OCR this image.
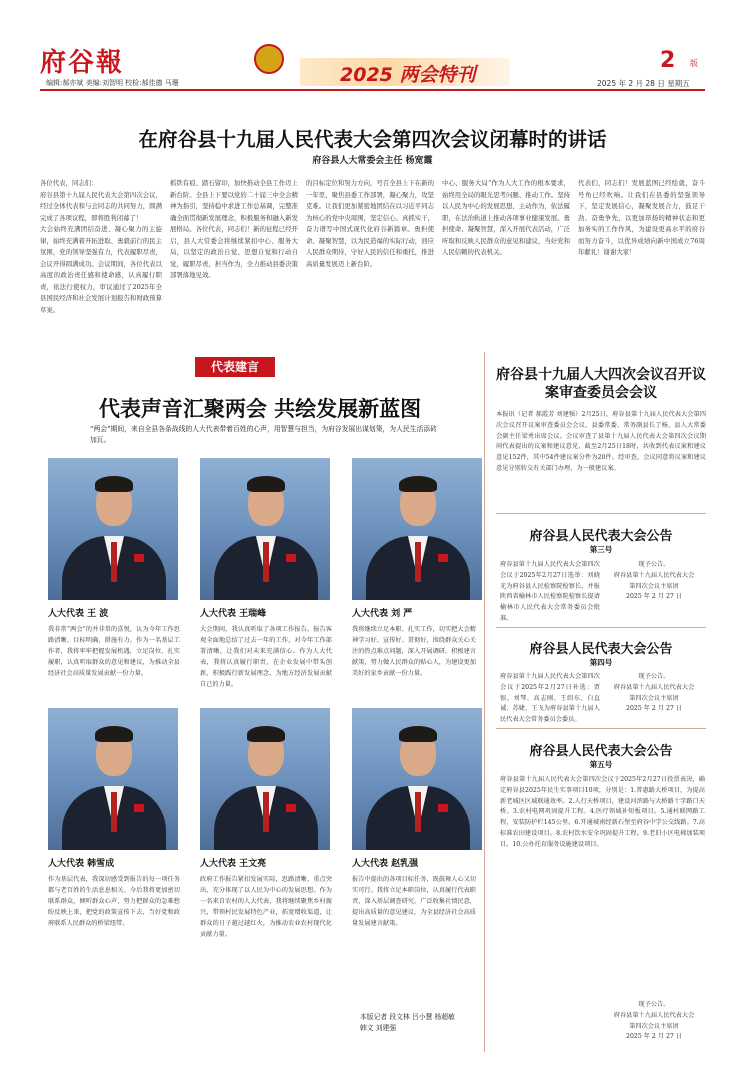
府谷報
编辑:郝亦斌 美编:刘智明 校检:郝佳德 马珊	2025 两会特刊
2 版
2025 年 2 月 28 日 星期五
在府谷县十九届人民代表大会第四次会议闭幕时的讲话
府谷县人大常委会主任 杨宽霞
各位代表，同志们：
府谷县第十九届人民代表大会第四次会议，经过全体代表和与会同志的共同努力，圆满完成了各项议程，即将胜利闭幕了！
大会始终充满团结奋进、凝心聚力的主旋律，始终充满着开拓进取、勇毅前行的民主氛围，党的领导坚强有力，代表履职尽责，会议开得圆满成功。会议期间，各位代表以高度的政治责任感和使命感，认真履行职责，依法行使权力，审议通过了2025年全县国民经济和社会发展计划报告和财政预算草案。
抓铁有痕、踏石留印，加快推动全县工作迈上新台阶。全县上下要以党的二十届三中全会精神为指引，坚持稳中求进工作总基调，完整准确全面贯彻新发展理念，积极服务和融入新发展格局。各位代表，同志们！新的征程已经开启，县人大常委会将继续紧扣中心、服务大局，以坚定的政治自觉、思想自觉和行动自觉，履职尽责，担当作为，全力推动县委决策部署落地见效。
的目标定位和努力方向，号召全县上下在新的一年里，聚焦县委工作部署，凝心聚力，攻坚克难。让我们更加紧密地团结在以习近平同志为核心的党中央周围，坚定信心、真抓实干，奋力谱写中国式现代化府谷新篇章。勇担使命、凝聚智慧，以为民造福的实际行动，回应人民群众期待，守好人民的信任和重托，推进高质量发展迈上新台阶。
中心、服务大局“作为人大工作的根本要求，始终用全局的眼光思考问题、推动工作。坚持以人民为中心的发展思想，主动作为，依法履职，在法治轨道上推动各项事业健康发展。勇担使命、凝聚智慧，深入开展代表活动，广泛听取和反映人民群众的意见和建议，当好党和人民信赖的代表机关。
代表们，同志们！发展蓝图已经绘就，奋斗号角已经吹响。让我们在县委的坚强领导下，坚定发展信心，凝聚发展合力，鼓足干劲、奋勇争先，以更加昂扬的精神状态和更加务实的工作作风，为建设更高水平的府谷而努力奋斗，以优异成绩向新中国成立76周年献礼！谢谢大家！
代表建言
代表声音汇聚两会 共绘发展新蓝图
“两会”期间，来自全县各条战线的人大代表带着百姓的心声，用智慧与担当，为府谷发展出谋划策，为人民生活添砖加瓦。
人大代表 王 波	人大代表 王瑞峰	人大代表 刘 严
我非常“两会”的并非常的喜悦，认为今年工作思路清晰、目标明确，措施有力。作为一名基层工作者，我将牢牢把握发展机遇，立足岗位、扎实履职，认真听取群众的意见和建议，为推动全县经济社会高质量发展贡献一份力量。
大会期间，我认真听取了各项工作报告。报告客观全面地总结了过去一年的工作，对今年工作部署清晰，让我们对未来充满信心。作为人大代表，我将认真履行职责，在企业发展中带头创新，积极践行新发展理念，为地方经济发展贡献自己的力量。
我将继续立足本职、扎实工作，切实把大会精神学习好、宣传好、贯彻好，围绕群众关心关注的热点难点问题，深入开展调研，积极建言献策，努力做人民群众的贴心人，为建设更加美好的家乡贡献一份力量。
人大代表 韩雪成	人大代表 王文亮	人大代表 赵乳强
作为基层代表，我深切感受到报告的每一项任务都与老百姓的生活息息相关。今后我将更加密切联系群众，倾听群众心声，努力把群众的急难愁盼反映上来，把党的政策宣传下去，当好党和政府联系人民群众的桥梁纽带。
政府工作报告紧扣发展实际，思路清晰、重点突出，充分体现了以人民为中心的发展思想。作为一名来自农村的人大代表，我将继续聚焦乡村振兴，带领村民发展特色产业，拓宽增收渠道，让群众的日子越过越红火，为推动农业农村现代化贡献力量。
报告中提出的各项目标任务，既鼓舞人心又切实可行。我将立足本职岗位，认真履行代表职责，深入基层调查研究，广泛收集社情民意，提出高质量的意见建议，为全县经济社会高质量发展建言献策。
本版记者 段文林 吕小慧 杨超敏
韩文 刘建强
府谷县十九届人大四次会议召开议案审查委员会会议
本报讯（记者 郝霞芳 刘建强）2月25日，府谷县第十九届人民代表大会第四次会议召开议案审查委员会会议，县委常委、常务副县长了杨，县人大常委会副主任梁勇出席会议。会议审查了县第十九届人民代表大会第四次会议期间代表提出的议案和建议意见，截至2月25日18时，共收到代表议案和建议意见152件，其中54件建议案分件为20件。经审查，会议同意将议案和建议意见分别转交有关部门办理，为一般建议案。
府谷县人民代表大会公告
第三号
府谷县第十九届人民代表大会第四次会议于2025年2月27日选举：刘晓光为府谷县人民检察院检察长，并报陕西省榆林市人民检察院检察长提请榆林市人民代表大会常务委员会批准。
现予公告。
府谷县第十九届人民代表大会
第四次会议主席团
2025 年 2 月 27 日
府谷县人民代表大会公告
第四号
府谷县第十九届人民代表大会第四次会议于2025年2月27日补选：贾银、刘琴、高志刚、王绍东、白直诚、苏婕、王飞为府谷县第十九届人民代表大会常务委员会委员。
现予公告。
府谷县第十九届人民代表大会
第四次会议主席团
2025 年 2 月 27 日
府谷县人民代表大会公告
第五号
府谷县第十九届人民代表大会第四次会议于2025年2月27日投票表决，确定府谷县2025年民生实事项目10项，分别是：1.普惠路大桥项目，为提高新老城区区域联通效率。2.人行天桥项目，建设河滨路与大桥路十字路口天桥。3.农村电网巩固提升工程。4.医疗领域补短板项目。5.通村联网路工程，安装防护栏145公里。6.开通城南经新石堡至府谷中学公交线路。7.高标准农田建设项目。8.农村饮水安全巩固提升工程。9.老旧小区电梯加装项目。10.公办托育服务设施建设项目。
现予公告。
府谷县第十九届人民代表大会
第四次会议主席团
2025 年 2 月 27 日
